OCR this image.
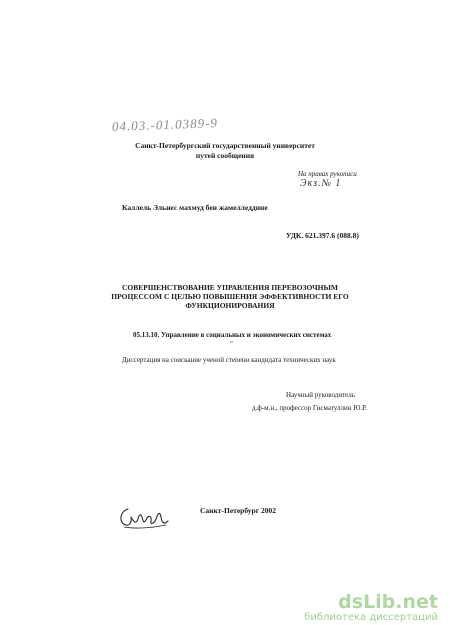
04.03.-01.0389-9
Санкт-Петербургский государственный университет
путей сообщения
На правах рукописи
Экз.№ 1
Каллель Эльнес махмуд бен жамелледдине
УДК. 621.397.6 (088.8)
СОВЕРШЕНСТВОВАНИЕ УПРАВЛЕНИЯ ПЕРЕВОЗОЧНЫМ
ПРОЦЕССОМ С ЦЕЛЬЮ ПОВЫШЕНИЯ ЭФФЕКТИВНОСТИ ЕГО
ФУНКЦИОНИРОВАНИЯ
05.13.10. Управление в социальных и экономических системах
"
Диссертация на соискание ученой степени кандидата технических наук
Научный руководитель
д.ф-м.н., профессор Гисматуллин Ю.Р.
Санкт-Петербург 2002
dsLib.net
библиотека диссертаций
